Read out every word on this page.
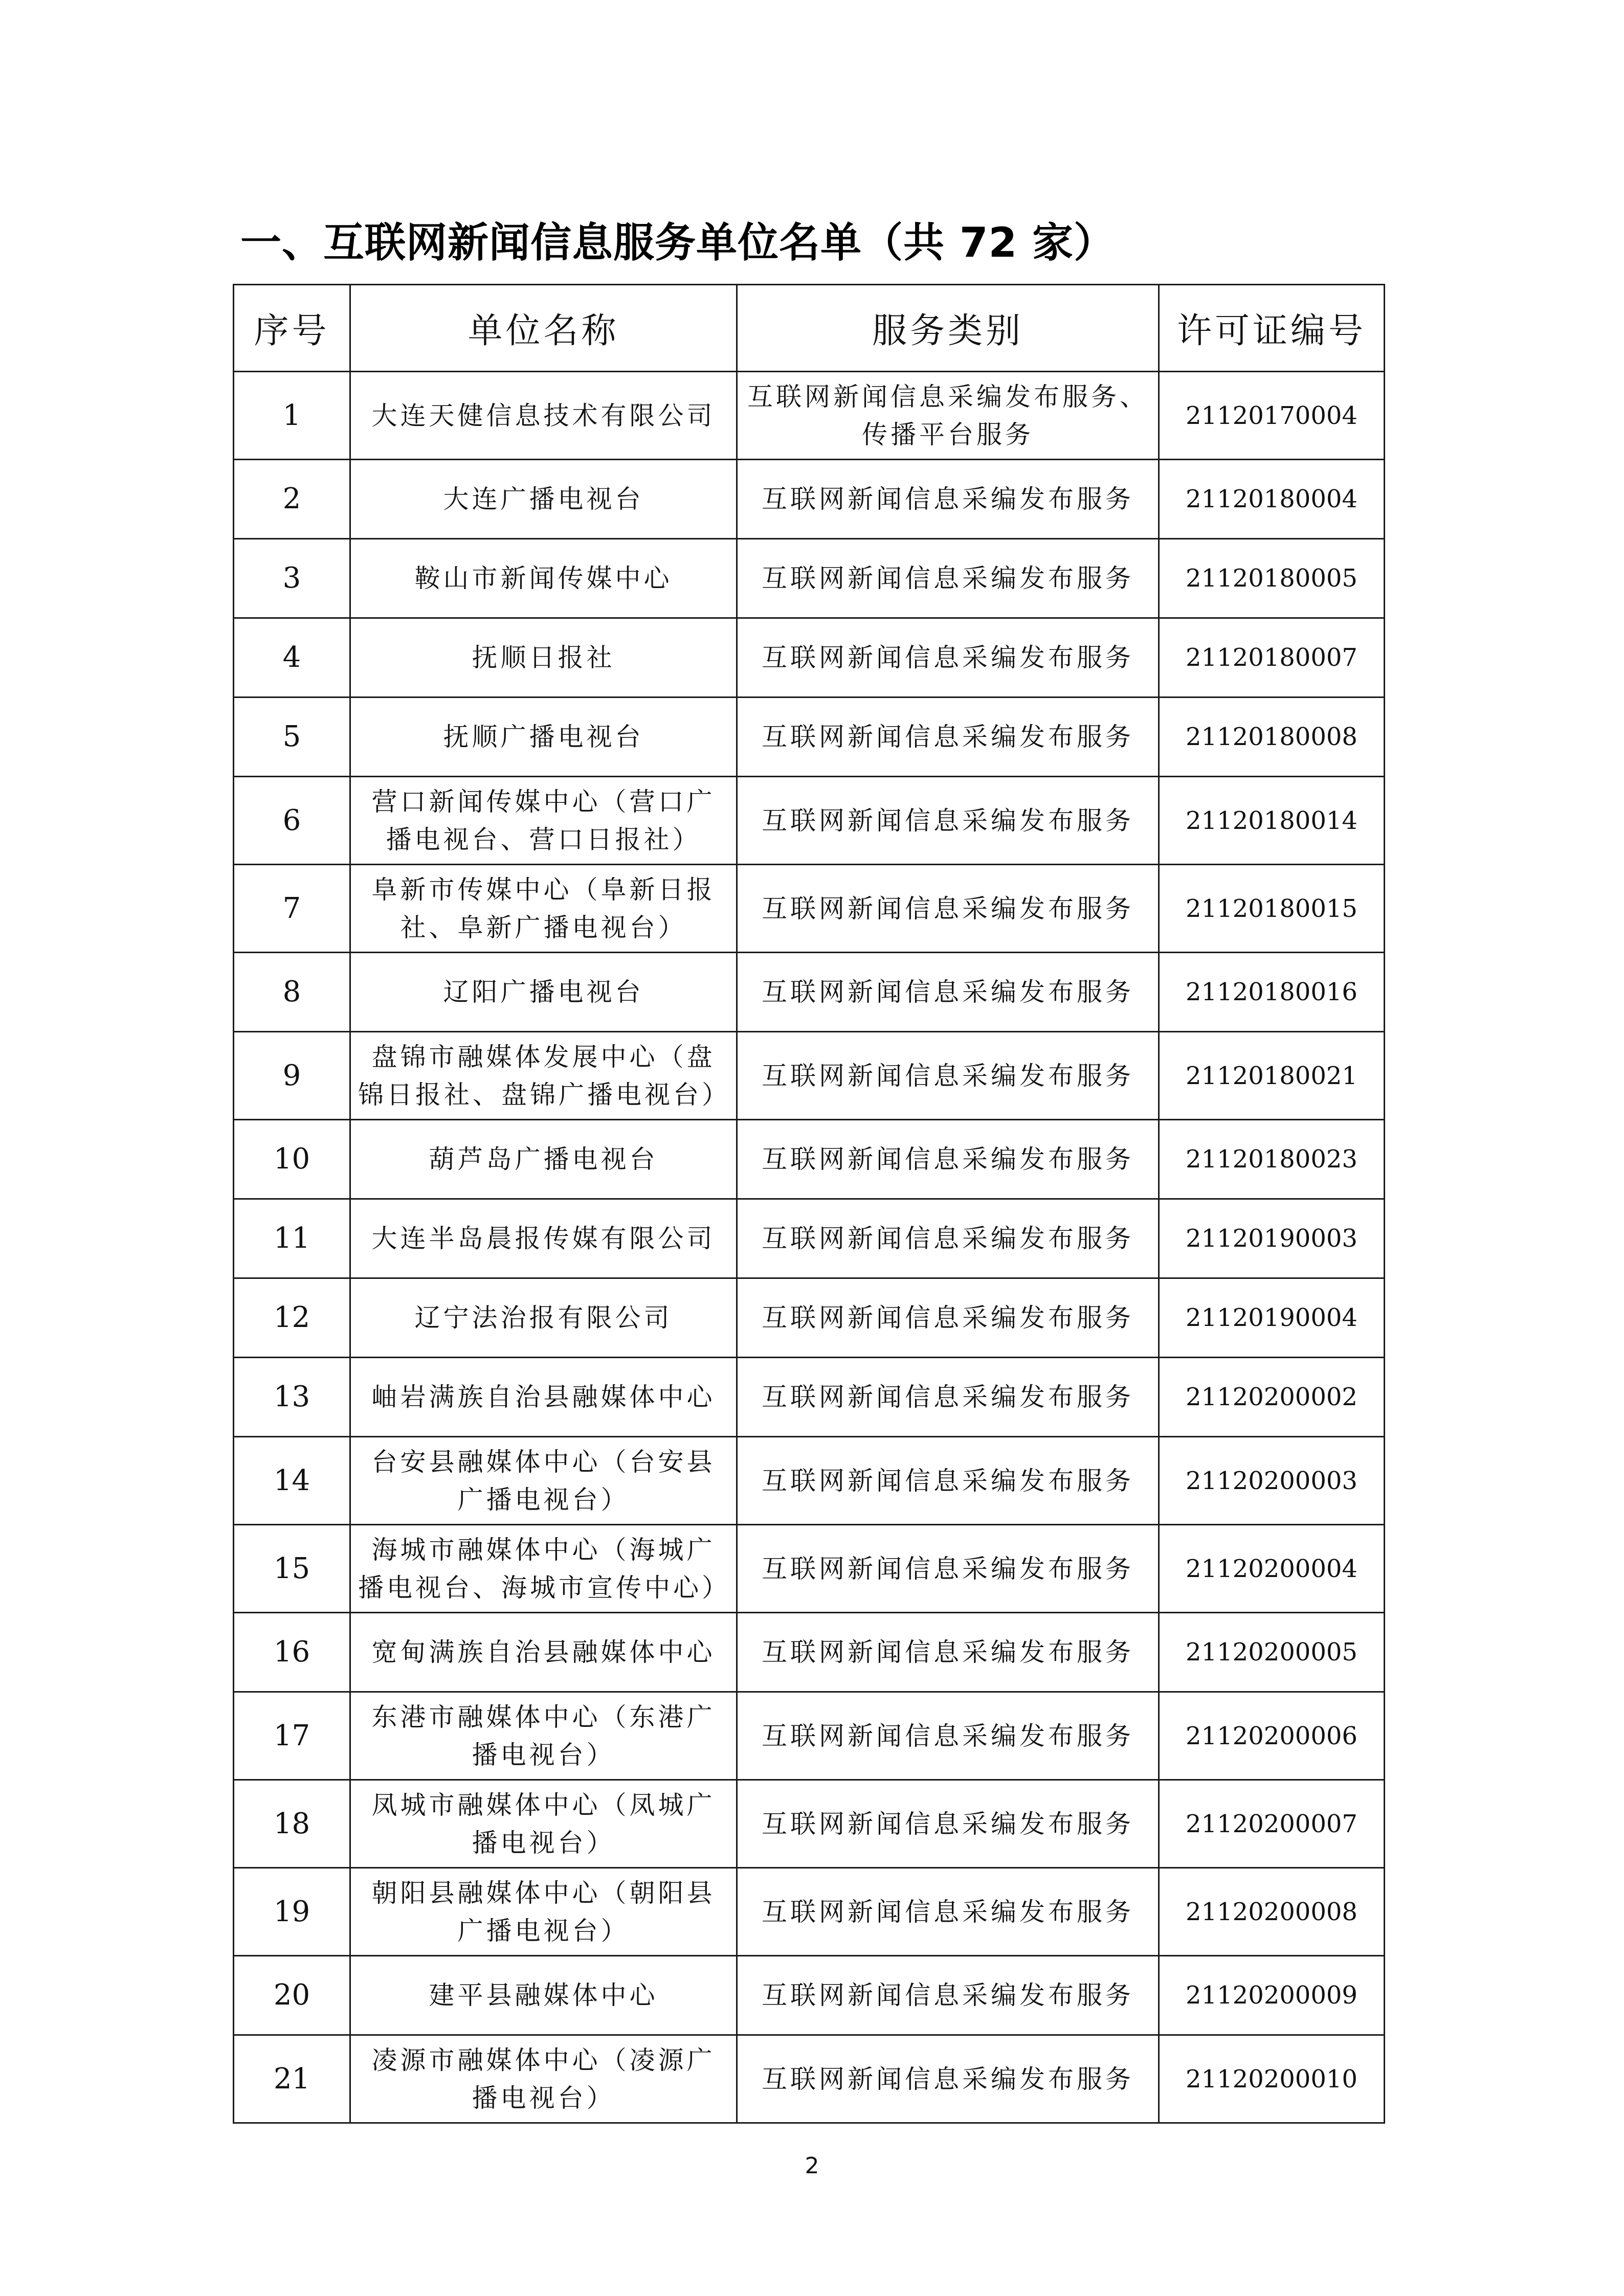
一、互联网新闻信息服务单位名单（共 72 家）
序号	单位名称	服务类别	许可证编号
1	大连天健信息技术有限公司	互联网新闻信息采编发布服务、传播平台服务	21120170004
2	大连广播电视台	互联网新闻信息采编发布服务	21120180004
3	鞍山市新闻传媒中心	互联网新闻信息采编发布服务	21120180005
4	抚顺日报社	互联网新闻信息采编发布服务	21120180007
5	抚顺广播电视台	互联网新闻信息采编发布服务	21120180008
6	营口新闻传媒中心（营口广播电视台、营口日报社）	互联网新闻信息采编发布服务	21120180014
7	阜新市传媒中心（阜新日报社、阜新广播电视台）	互联网新闻信息采编发布服务	21120180015
8	辽阳广播电视台	互联网新闻信息采编发布服务	21120180016
9	盘锦市融媒体发展中心（盘锦日报社、盘锦广播电视台）	互联网新闻信息采编发布服务	21120180021
10	葫芦岛广播电视台	互联网新闻信息采编发布服务	21120180023
11	大连半岛晨报传媒有限公司	互联网新闻信息采编发布服务	21120190003
12	辽宁法治报有限公司	互联网新闻信息采编发布服务	21120190004
13	岫岩满族自治县融媒体中心	互联网新闻信息采编发布服务	21120200002
14	台安县融媒体中心（台安县广播电视台）	互联网新闻信息采编发布服务	21120200003
15	海城市融媒体中心（海城广播电视台、海城市宣传中心）	互联网新闻信息采编发布服务	21120200004
16	宽甸满族自治县融媒体中心	互联网新闻信息采编发布服务	21120200005
17	东港市融媒体中心（东港广播电视台）	互联网新闻信息采编发布服务	21120200006
18	凤城市融媒体中心（凤城广播电视台）	互联网新闻信息采编发布服务	21120200007
19	朝阳县融媒体中心（朝阳县广播电视台）	互联网新闻信息采编发布服务	21120200008
20	建平县融媒体中心	互联网新闻信息采编发布服务	21120200009
21	凌源市融媒体中心（凌源广播电视台）	互联网新闻信息采编发布服务	21120200010
2
